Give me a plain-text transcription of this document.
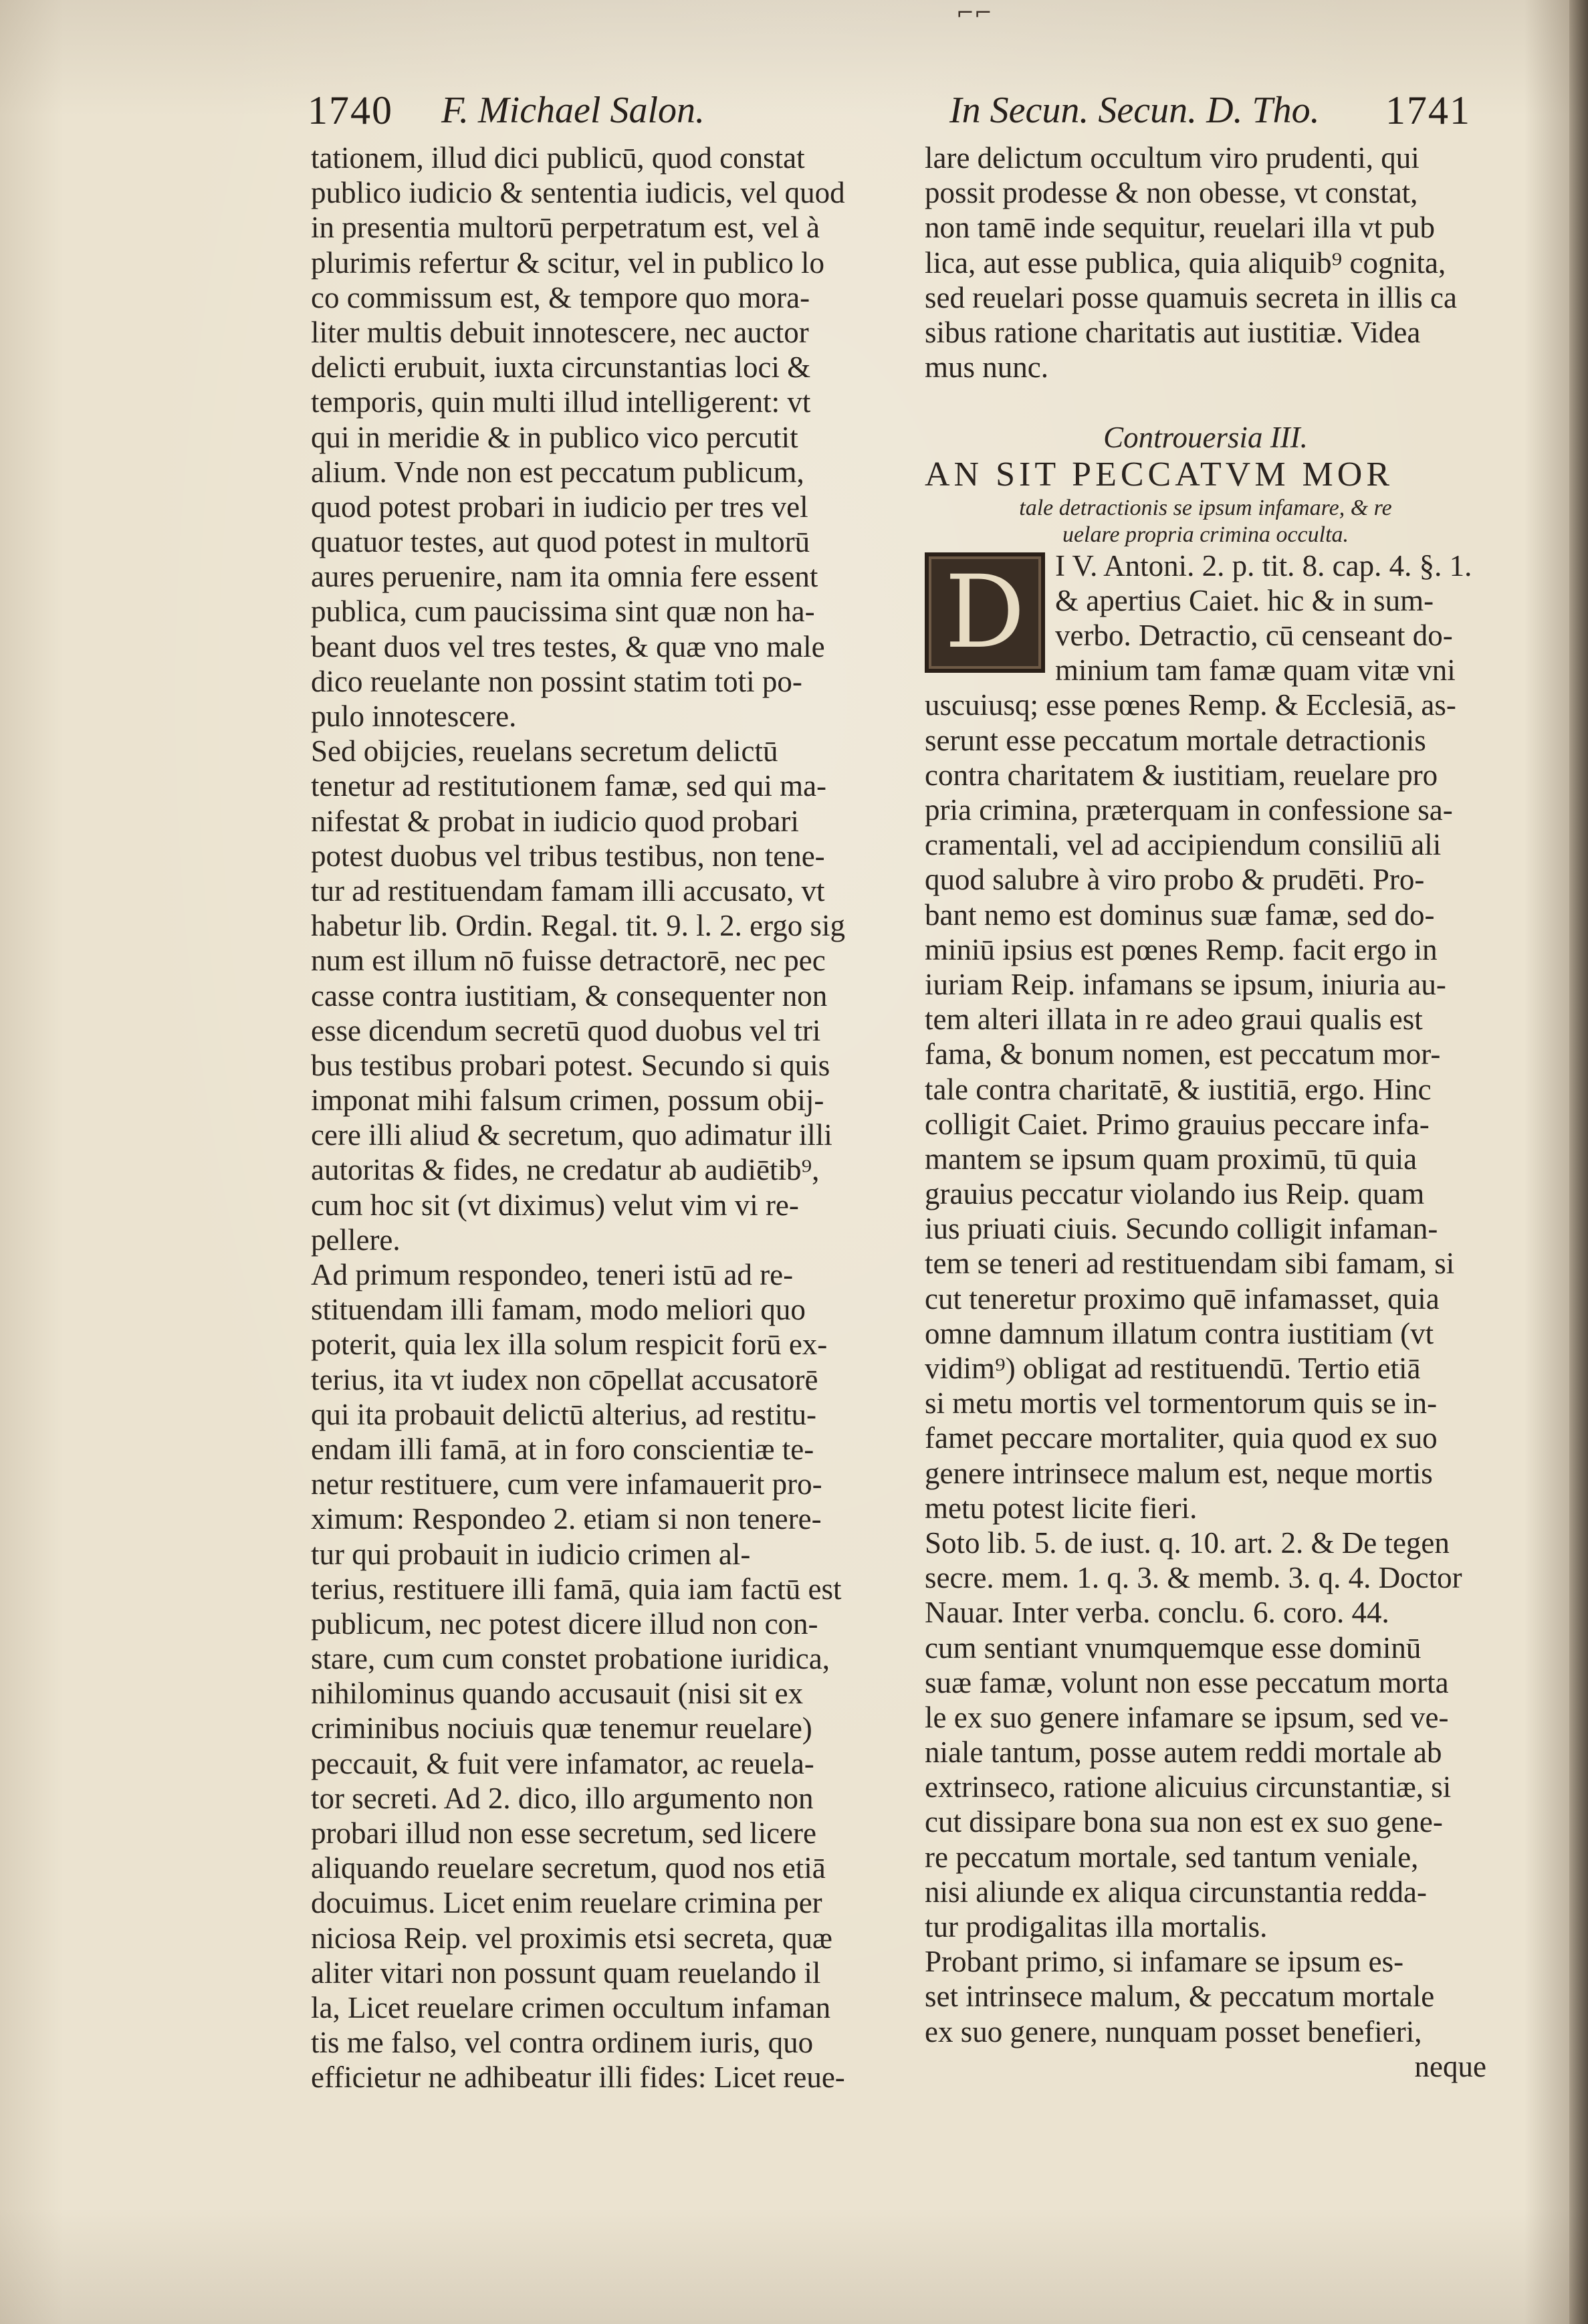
⌐⌐
1740 F. Michael Salon.	In Secun. Secun. D. Tho. 1741
tationem, illud dici publicū, quod constat
publico iudicio & sententia iudicis, vel quod
in presentia multorū perpetratum est, vel à
plurimis refertur & scitur, vel in publico lo
co commissum est, & tempore quo mora-
liter multis debuit innotescere, nec auctor
delicti erubuit, iuxta circunstantias loci &
temporis, quin multi illud intelligerent: vt
qui in meridie & in publico vico percutit
alium. Vnde non est peccatum publicum,
quod potest probari in iudicio per tres vel
quatuor testes, aut quod potest in multorū
aures peruenire, nam ita omnia fere essent
publica, cum paucissima sint quæ non ha-
beant duos vel tres testes, & quæ vno male
dico reuelante non possint statim toti po-
pulo innotescere.
Sed obijcies, reuelans secretum delictū
tenetur ad restitutionem famæ, sed qui ma-
nifestat & probat in iudicio quod probari
potest duobus vel tribus testibus, non tene-
tur ad restituendam famam illi accusato, vt
habetur lib. Ordin. Regal. tit. 9. l. 2. ergo sig
num est illum nō fuisse detractorē, nec pec
casse contra iustitiam, & consequenter non
esse dicendum secretū quod duobus vel tri
bus testibus probari potest. Secundo si quis
imponat mihi falsum crimen, possum obij-
cere illi aliud & secretum, quo adimatur illi
autoritas & fides, ne credatur ab audiētib⁹,
cum hoc sit (vt diximus) velut vim vi re-
pellere.
Ad primum respondeo, teneri istū ad re-
stituendam illi famam, modo meliori quo
poterit, quia lex illa solum respicit forū ex-
terius, ita vt iudex non cōpellat accusatorē
qui ita probauit delictū alterius, ad restitu-
endam illi famā, at in foro conscientiæ te-
netur restituere, cum vere infamauerit pro-
ximum: Respondeo 2. etiam si non tenere-
tur qui probauit in iudicio crimen al-
terius, restituere illi famā, quia iam factū est
publicum, nec potest dicere illud non con-
stare, cum cum constet probatione iuridica,
nihilominus quando accusauit (nisi sit ex
criminibus nociuis quæ tenemur reuelare)
peccauit, & fuit vere infamator, ac reuela-
tor secreti. Ad 2. dico, illo argumento non
probari illud non esse secretum, sed licere
aliquando reuelare secretum, quod nos etiā
docuimus. Licet enim reuelare crimina per
niciosa Reip. vel proximis etsi secreta, quæ
aliter vitari non possunt quam reuelando il
la, Licet reuelare crimen occultum infaman
tis me falso, vel contra ordinem iuris, quo
efficietur ne adhibeatur illi fides: Licet reue-
lare delictum occultum viro prudenti, qui
possit prodesse & non obesse, vt constat,
non tamē inde sequitur, reuelari illa vt pub
lica, aut esse publica, quia aliquib⁹ cognita,
sed reuelari posse quamuis secreta in illis ca
sibus ratione charitatis aut iustitiæ. Videa
mus nunc.
Controuersia III.
AN SIT PECCATVM MOR
tale detractionis se ipsum infamare, & re
uelare propria crimina occulta.
D I V. Antoni. 2. p. tit. 8. cap. 4. §. 1.
& apertius Caiet. hic & in sum-
verbo. Detractio, cū censeant do-
minium tam famæ quam vitæ vni
uscuiusq; esse pœnes Remp. & Ecclesiā, as-
serunt esse peccatum mortale detractionis
contra charitatem & iustitiam, reuelare pro
pria crimina, præterquam in confessione sa-
cramentali, vel ad accipiendum consiliū ali
quod salubre à viro probo & prudēti. Pro-
bant nemo est dominus suæ famæ, sed do-
miniū ipsius est pœnes Remp. facit ergo in
iuriam Reip. infamans se ipsum, iniuria au-
tem alteri illata in re adeo graui qualis est
fama, & bonum nomen, est peccatum mor-
tale contra charitatē, & iustitiā, ergo. Hinc
colligit Caiet. Primo grauius peccare infa-
mantem se ipsum quam proximū, tū quia
grauius peccatur violando ius Reip. quam
ius priuati ciuis. Secundo colligit infaman-
tem se teneri ad restituendam sibi famam, si
cut teneretur proximo quē infamasset, quia
omne damnum illatum contra iustitiam (vt
vidim⁹) obligat ad restituendū. Tertio etiā
si metu mortis vel tormentorum quis se in-
famet peccare mortaliter, quia quod ex suo
genere intrinsece malum est, neque mortis
metu potest licite fieri.
Soto lib. 5. de iust. q. 10. art. 2. & De tegen
secre. mem. 1. q. 3. & memb. 3. q. 4. Doctor
Nauar. Inter verba. conclu. 6. coro. 44.
cum sentiant vnumquemque esse dominū
suæ famæ, volunt non esse peccatum morta
le ex suo genere infamare se ipsum, sed ve-
niale tantum, posse autem reddi mortale ab
extrinseco, ratione alicuius circunstantiæ, si
cut dissipare bona sua non est ex suo gene-
re peccatum mortale, sed tantum veniale,
nisi aliunde ex aliqua circunstantia redda-
tur prodigalitas illa mortalis.
Probant primo, si infamare se ipsum es-
set intrinsece malum, & peccatum mortale
ex suo genere, nunquam posset benefieri,
neque
